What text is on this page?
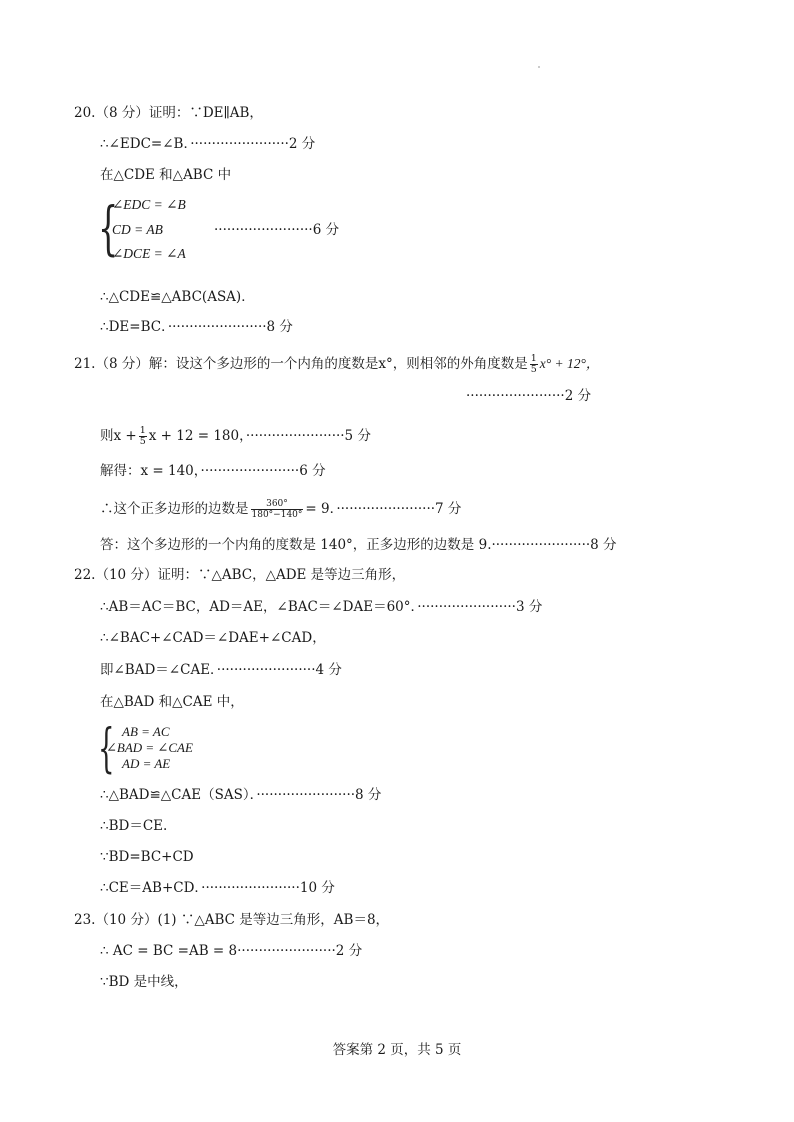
20.（8 分）证明：∵DE∥AB，
∴∠EDC=∠B．·······················2 分
在△CDE 和△ABC 中
{
∠EDC = ∠B
CD = AB	·······················6 分
∠DCE = ∠A
∴△CDE≌△ABC(ASA)．
∴DE=BC．·······················8 分
21.（8 分）解：设这个多边形的一个内角的度数是x°，则相邻的外角度数是 $\frac{1}{5} x^\circ + 12^\circ$，
·······················2 分
则$x + \frac{1}{5}$ x + 12 = 180，·······················5 分
解得：x = 140，·······················6 分
∴这个正多边形的边数是 $\frac{360^\circ}{180^\circ-140^\circ} = 9$．·······················7 分
答：这个多边形的一个内角的度数是 140°，正多边形的边数是 9.·······················8 分
22.（10 分）证明：∵△ABC，△ADE 是等边三角形，
∴AB＝AC＝BC，AD＝AE，∠BAC＝∠DAE＝60°．·······················3 分
∴∠BAC+∠CAD＝∠DAE+∠CAD，
即∠BAD＝∠CAE．·······················4 分
在△BAD 和△CAE 中，
{ AB = AC
∠BAD = ∠CAE
AD = AE
∴△BAD≌△CAE（SAS）．·······················8 分
∴BD＝CE.
∵BD=BC+CD
∴CE＝AB+CD．·······················10 分
23.（10 分）(1) ∵△ABC 是等边三角形，AB＝8，
∴ AC = BC =AB = 8·······················2 分
∵BD 是中线，
答案第 2 页，共 5 页
